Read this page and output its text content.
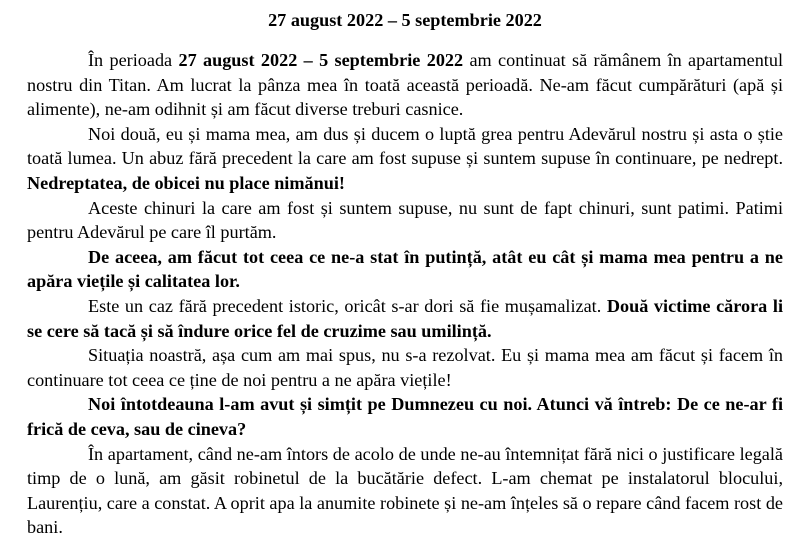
27 august 2022 – 5 septembrie 2022

În perioada 27 august 2022 – 5 septembrie 2022 am continuat să rămânem în apartamentul nostru din Titan. Am lucrat la pânza mea în toată această perioadă. Ne-am făcut cumpărături (apă și alimente), ne-am odihnit și am făcut diverse treburi casnice.

Noi două, eu și mama mea, am dus și ducem o luptă grea pentru Adevărul nostru și asta o știe toată lumea. Un abuz fără precedent la care am fost supuse și suntem supuse în continuare, pe nedrept. Nedreptatea, de obicei nu place nimănui!

Aceste chinuri la care am fost și suntem supuse, nu sunt de fapt chinuri, sunt patimi. Patimi pentru Adevărul pe care îl purtăm.

De aceea, am făcut tot ceea ce ne-a stat în putință, atât eu cât și mama mea pentru a ne apăra viețile și calitatea lor.

Este un caz fără precedent istoric, oricât s-ar dori să fie mușamalizat. Două victime cărora li se cere să tacă și să îndure orice fel de cruzime sau umilință.

Situația noastră, așa cum am mai spus, nu s-a rezolvat. Eu și mama mea am făcut și facem în continuare tot ceea ce ține de noi pentru a ne apăra viețile!

Noi întotdeauna l-am avut și simțit pe Dumnezeu cu noi. Atunci vă întreb: De ce ne-ar fi frică de ceva, sau de cineva?

În apartament, când ne-am întors de acolo de unde ne-au întemnițat fără nici o justificare legală timp de o lună, am găsit robinetul de la bucătărie defect. L-am chemat pe instalatorul blocului, Laurențiu, care a constat. A oprit apa la anumite robinete și ne-am înțeles să o repare când facem rost de bani.
